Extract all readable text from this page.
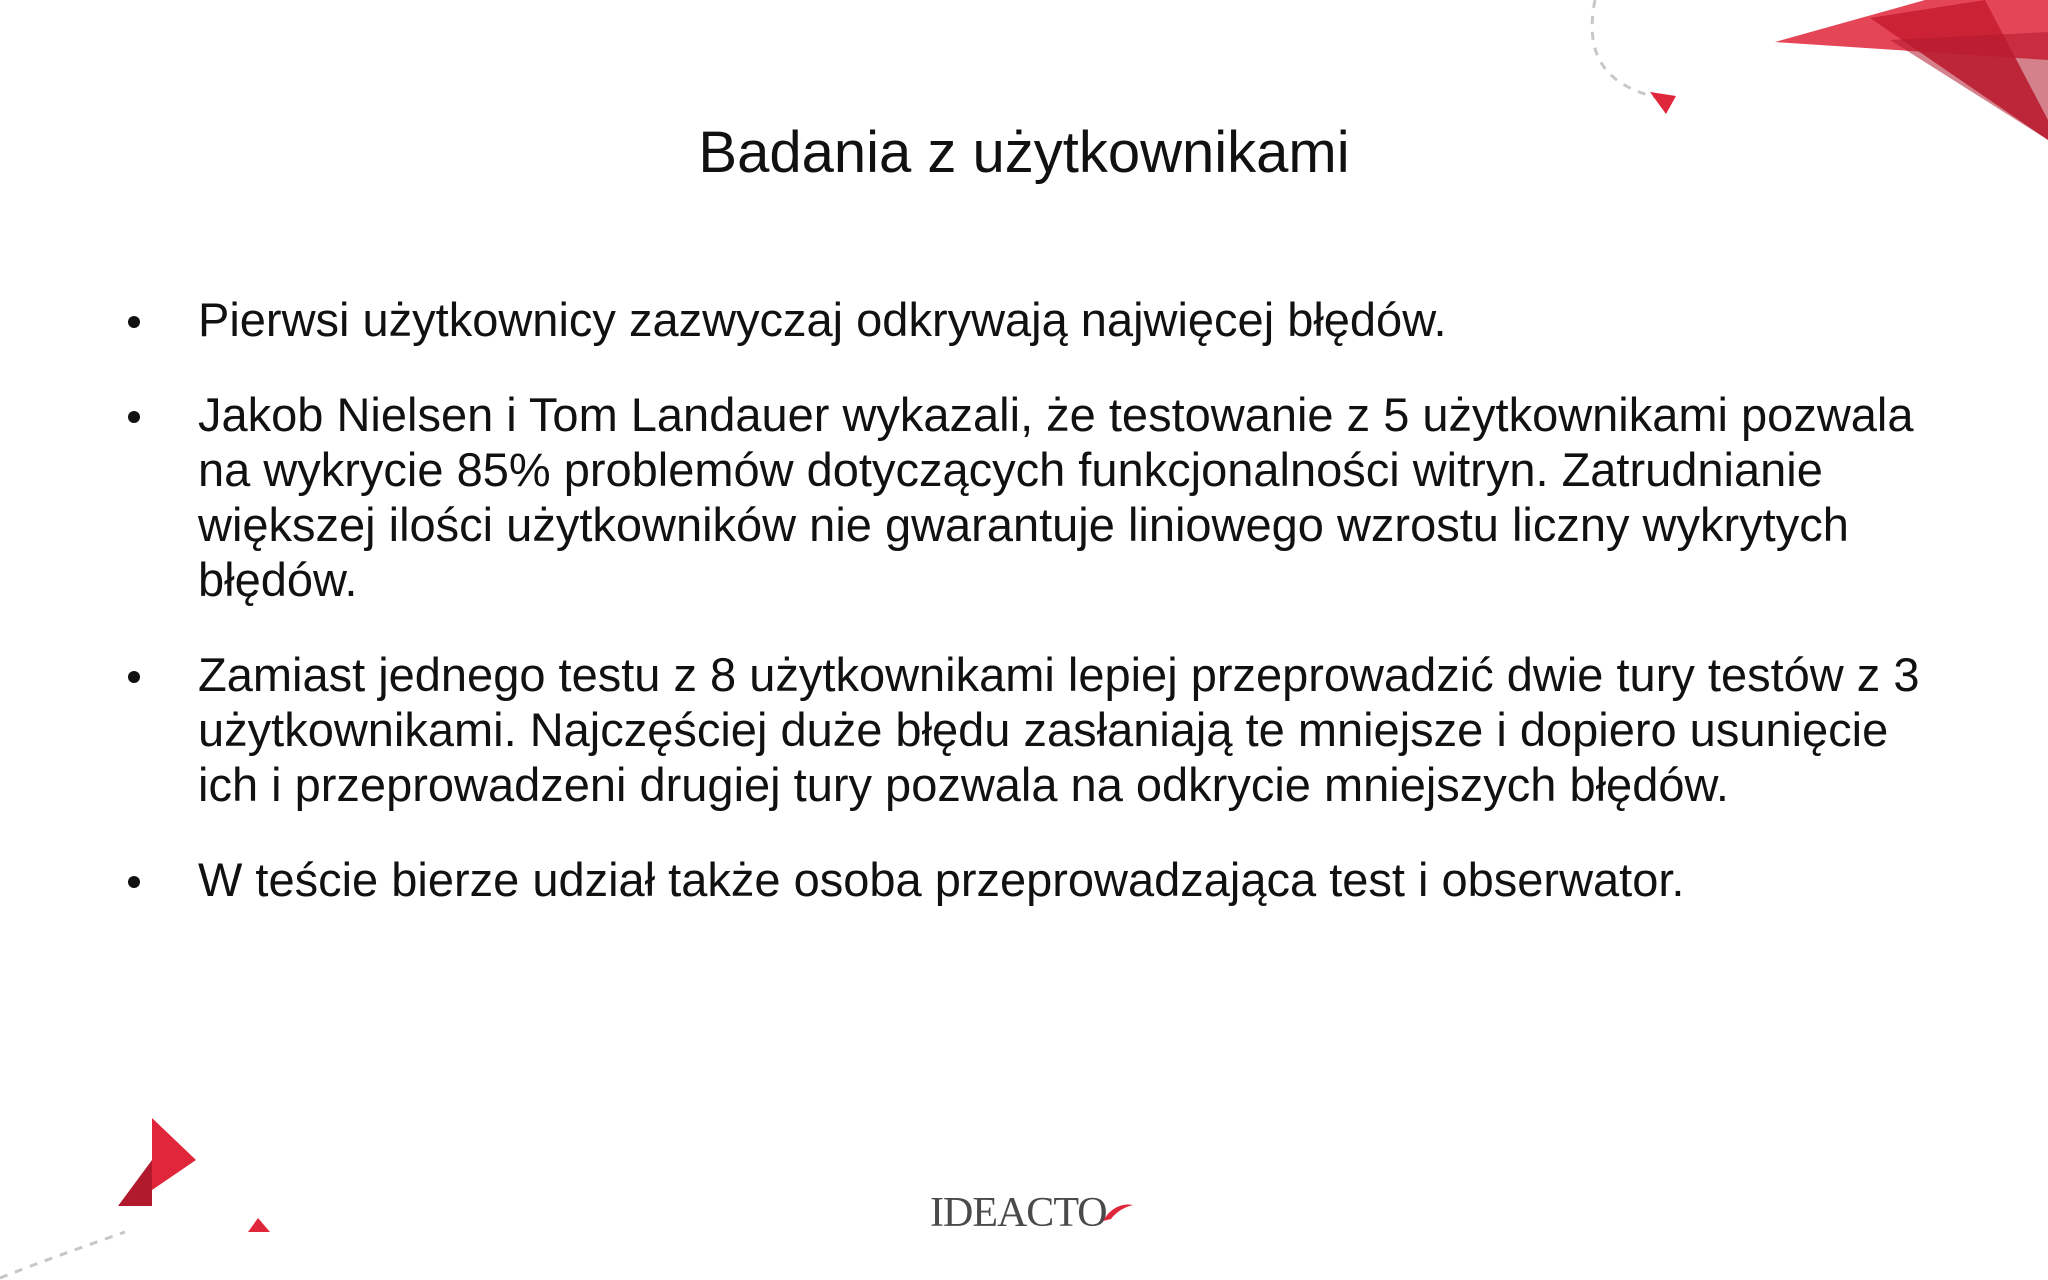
Badania z użytkownikami
Pierwsi użytkownicy zazwyczaj odkrywają najwięcej błędów.
Jakob Nielsen i Tom Landauer wykazali, że testowanie z 5 użytkownikami pozwala na wykrycie 85% problemów dotyczących funkcjonalności witryn. Zatrudnianie większej ilości użytkowników nie gwarantuje liniowego wzrostu liczny wykrytych błędów.
Zamiast jednego testu z 8 użytkownikami lepiej przeprowadzić dwie tury testów z 3 użytkownikami. Najczęściej duże błędu zasłaniają te mniejsze i dopiero usunięcie ich i przeprowadzeni drugiej tury pozwala na odkrycie mniejszych błędów.
W teście bierze udział także osoba przeprowadzająca test i obserwator.
IDEACTO
